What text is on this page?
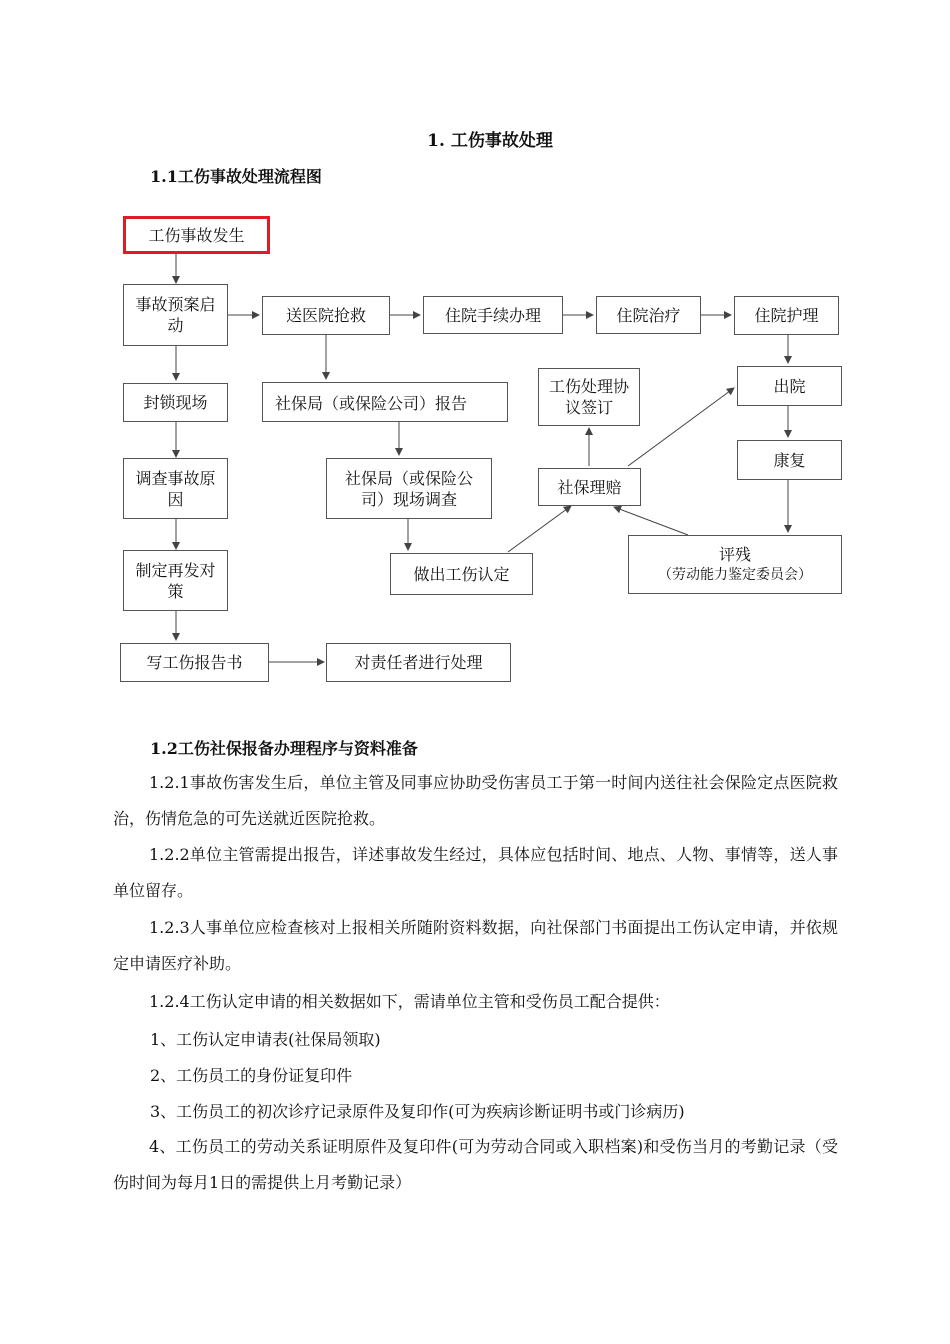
1. 工伤事故处理
1.1工伤事故处理流程图
工伤事故发生
事故预案启动
封锁现场
调查事故原因
制定再发对策
写工伤报告书	对责任者进行处理
送医院抢救	住院手续办理	住院治疗	住院护理
社保局（或保险公司）报告
社保局（或保险公司）现场调查
做出工伤认定
工伤处理协议签订
社保理赔
出院
康复
评残
（劳动能力鉴定委员会）
1.2工伤社保报备办理程序与资料准备
1.2.1事故伤害发生后，单位主管及同事应协助受伤害员工于第一时间内送往社会保险定点医院救治，伤情危急的可先送就近医院抢救。
1.2.2单位主管需提出报告，详述事故发生经过，具体应包括时间、地点、人物、事情等，送人事单位留存。
1.2.3人事单位应检查核对上报相关所随附资料数据，向社保部门书面提出工伤认定申请，并依规定申请医疗补助。
1.2.4工伤认定申请的相关数据如下，需请单位主管和受伤员工配合提供：
1、工伤认定申请表(社保局领取)
2、工伤员工的身份证复印件
3、工伤员工的初次诊疗记录原件及复印作(可为疾病诊断证明书或门诊病历)
4、工伤员工的劳动关系证明原件及复印件(可为劳动合同或入职档案)和受伤当月的考勤记录（受伤时间为每月1日的需提供上月考勤记录）
